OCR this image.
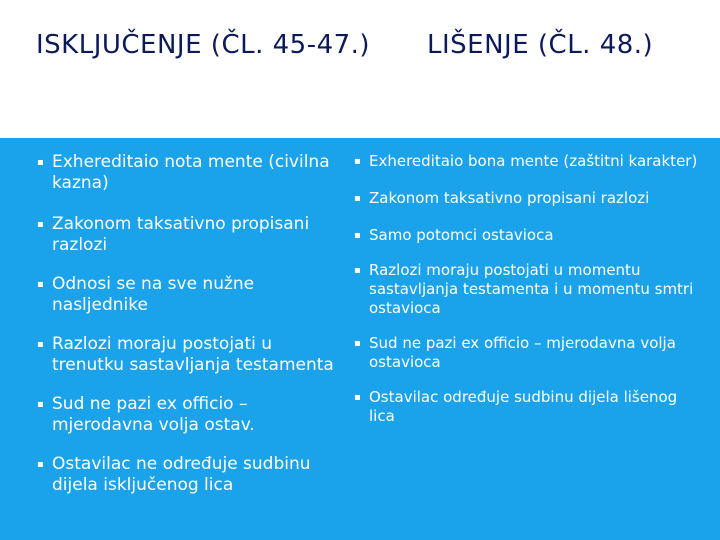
ISKLJUČENJE (ČL. 45-47.) LIŠENJE (ČL. 48.)
▪ Exhereditaio nota mente (civilna kazna)
▪ Zakonom taksativno propisani razlozi
▪ Odnosi se na sve nužne nasljednike
▪ Razlozi moraju postojati u trenutku sastavljanja testamenta
▪ Sud ne pazi ex officio – mjerodavna volja ostav.
▪ Ostavilac ne određuje sudbinu dijela isključenog lica
▪ Exhereditaio bona mente (zaštitni karakter)
▪ Zakonom taksativno propisani razlozi
▪ Samo potomci ostavioca
▪ Razlozi moraju postojati u momentu sastavljanja testamenta i u momentu smtri ostavioca
▪ Sud ne pazi ex officio – mjerodavna volja ostavioca
▪ Ostavilac određuje sudbinu dijela lišenog lica
